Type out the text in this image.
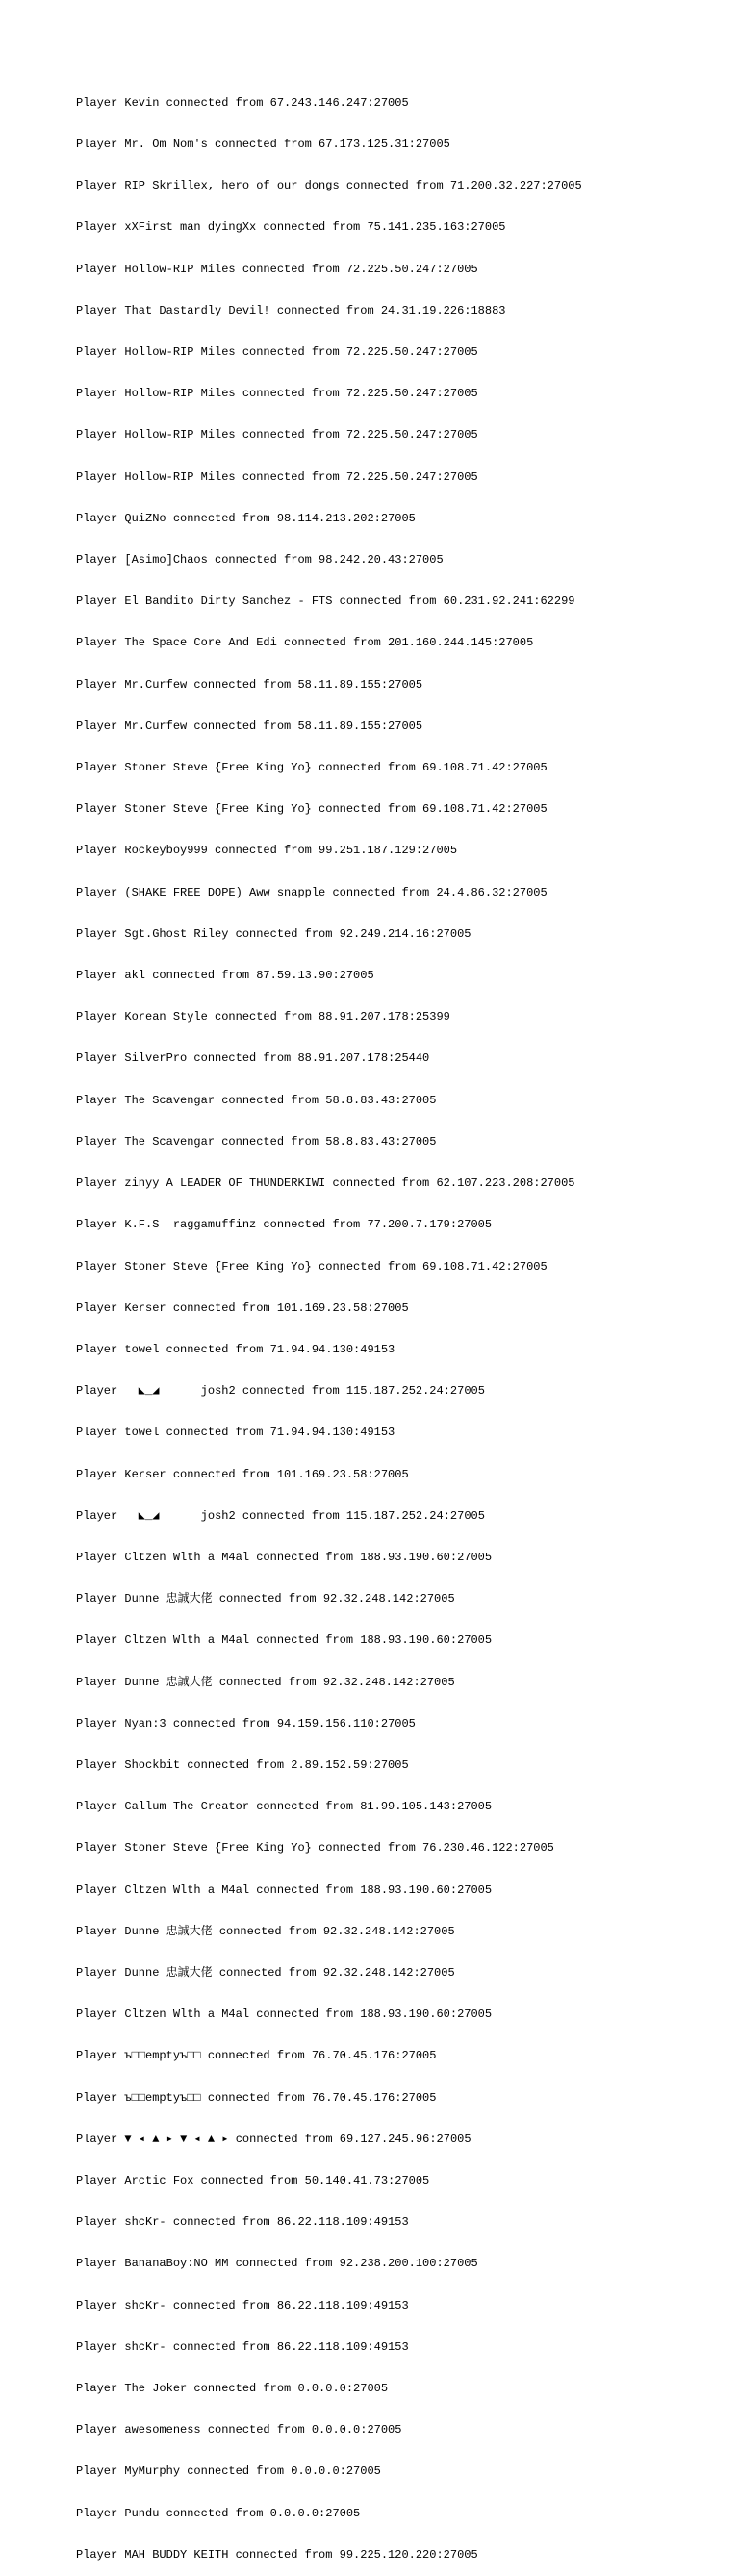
Player Kevin connected from 67.243.146.247:27005

Player Mr. Om Nom's connected from 67.173.125.31:27005

Player RIP Skrillex, hero of our dongs connected from 71.200.32.227:27005

Player xXFirst man dyingXx connected from 75.141.235.163:27005

Player Hollow-RIP Miles connected from 72.225.50.247:27005

Player That Dastardly Devil! connected from 24.31.19.226:18883

Player Hollow-RIP Miles connected from 72.225.50.247:27005

Player Hollow-RIP Miles connected from 72.225.50.247:27005

Player Hollow-RIP Miles connected from 72.225.50.247:27005

Player Hollow-RIP Miles connected from 72.225.50.247:27005

Player QuiZNo connected from 98.114.213.202:27005

Player [Asimo]Chaos connected from 98.242.20.43:27005

Player El Bandito Dirty Sanchez - FTS connected from 60.231.92.241:62299

Player The Space Core And Edi connected from 201.160.244.145:27005

Player Mr.Curfew connected from 58.11.89.155:27005

Player Mr.Curfew connected from 58.11.89.155:27005

Player Stoner Steve {Free King Yo} connected from 69.108.71.42:27005

Player Stoner Steve {Free King Yo} connected from 69.108.71.42:27005

Player Rockeyboy999 connected from 99.251.187.129:27005

Player (SHAKE FREE DOPE) Aww snapple connected from 24.4.86.32:27005

Player Sgt.Ghost Riley connected from 92.249.214.16:27005

Player akl connected from 87.59.13.90:27005

Player Korean Style connected from 88.91.207.178:25399

Player SilverPro connected from 88.91.207.178:25440

Player The Scavengar connected from 58.8.83.43:27005

Player The Scavengar connected from 58.8.83.43:27005

Player zinyy A LEADER OF THUNDERKIWI connected from 62.107.223.208:27005

Player K.F.S  raggamuffinz connected from 77.200.7.179:27005

Player Stoner Steve {Free King Yo} connected from 69.108.71.42:27005

Player Kerser connected from 101.169.23.58:27005

Player towel connected from 71.94.94.130:49153

Player   ◣_◢      josh2 connected from 115.187.252.24:27005

Player towel connected from 71.94.94.130:49153

Player Kerser connected from 101.169.23.58:27005

Player   ◣_◢      josh2 connected from 115.187.252.24:27005

Player Cltzen Wlth a M4al connected from 188.93.190.60:27005

Player Dunne 忠誠大佬 connected from 92.32.248.142:27005

Player Cltzen Wlth a M4al connected from 188.93.190.60:27005

Player Dunne 忠誠大佬 connected from 92.32.248.142:27005

Player Nyan:3 connected from 94.159.156.110:27005

Player Shockbit connected from 2.89.152.59:27005

Player Callum The Creator connected from 81.99.105.143:27005

Player Stoner Steve {Free King Yo} connected from 76.230.46.122:27005

Player Cltzen Wlth a M4al connected from 188.93.190.60:27005

Player Dunne 忠誠大佬 connected from 92.32.248.142:27005

Player Dunne 忠誠大佬 connected from 92.32.248.142:27005

Player Cltzen Wlth a M4al connected from 188.93.190.60:27005

Player ъ□□emptyъ□□ connected from 76.70.45.176:27005

Player ъ□□emptyъ□□ connected from 76.70.45.176:27005

Player ▼ ◂ ▲ ▸ ▼ ◂ ▲ ▸ connected from 69.127.245.96:27005

Player Arctic Fox connected from 50.140.41.73:27005

Player shcKr- connected from 86.22.118.109:49153

Player BananaBoy:NO MM connected from 92.238.200.100:27005

Player shcKr- connected from 86.22.118.109:49153

Player shcKr- connected from 86.22.118.109:49153

Player The Joker connected from 0.0.0.0:27005

Player awesomeness connected from 0.0.0.0:27005

Player MyMurphy connected from 0.0.0.0:27005

Player Pundu connected from 0.0.0.0:27005

Player MAH BUDDY KEITH connected from 99.225.120.220:27005
